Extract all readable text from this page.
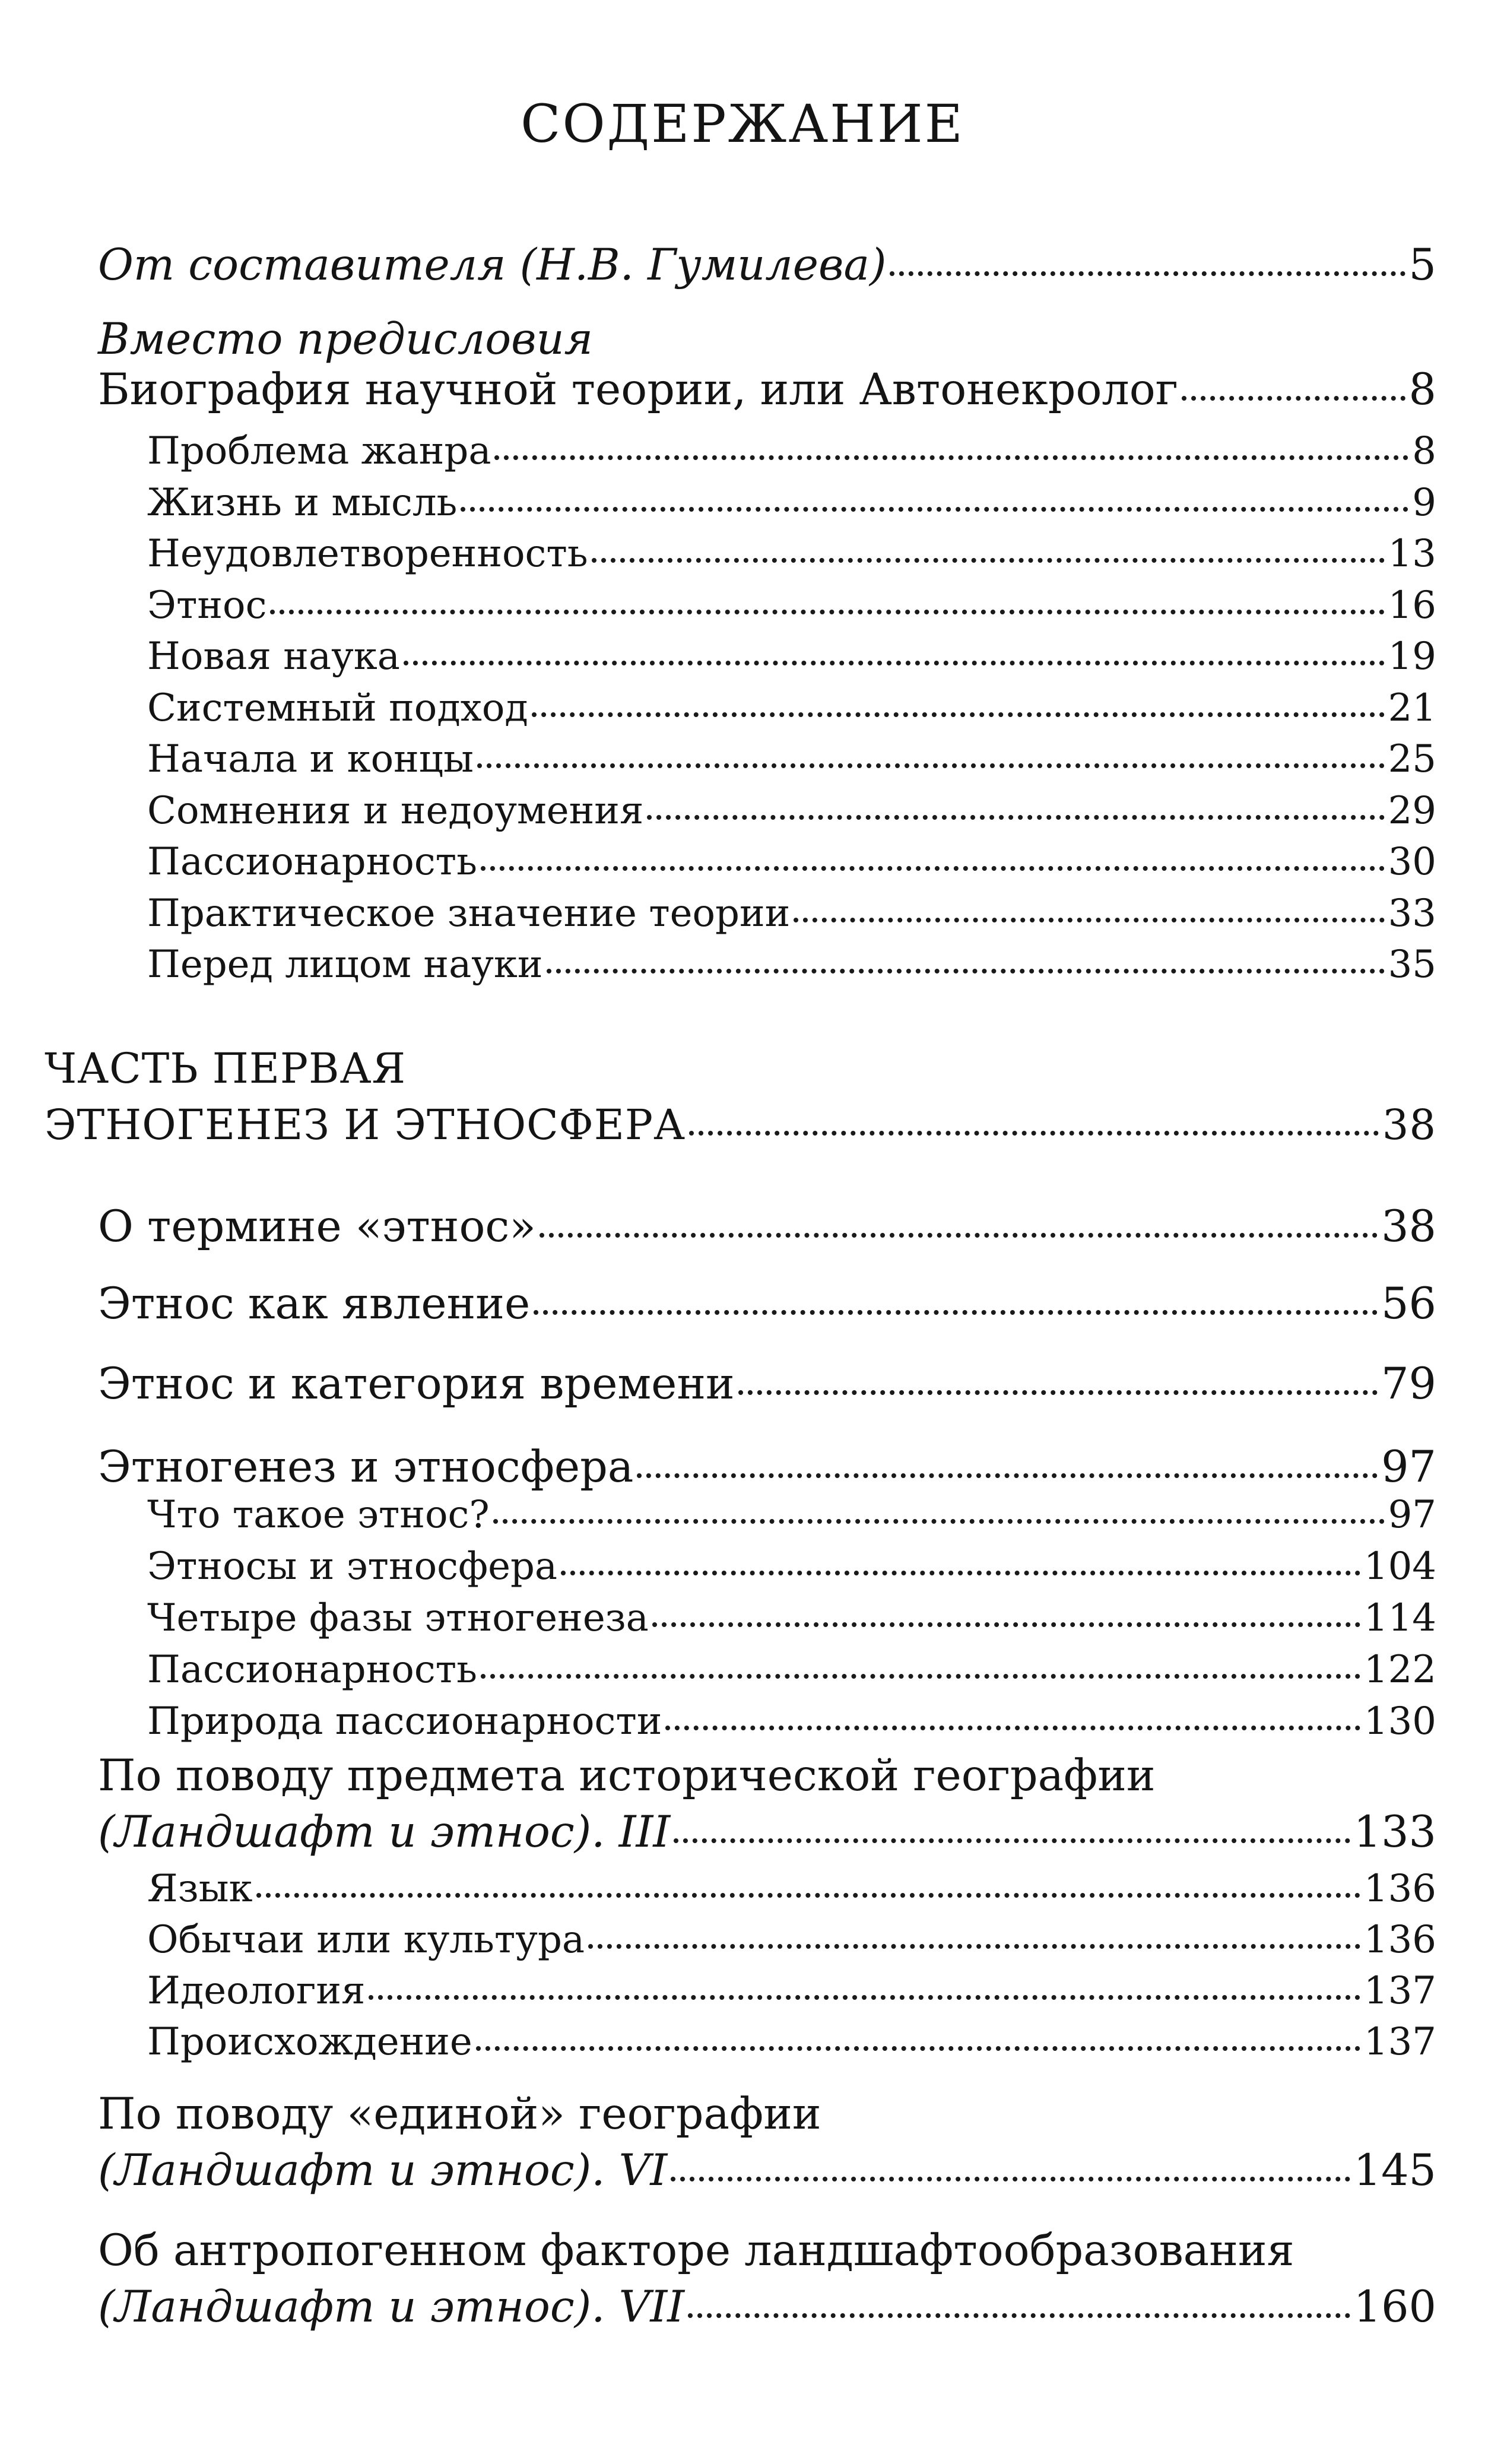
СОДЕРЖАНИЕ
От составителя (Н.В. Гумилева)	5
Вместо предисловия
Биография научной теории, или Автонекролог	8
Проблема жанра	8
Жизнь и мысль	9
Неудовлетворенность	13
Этнос	16
Новая наука	19
Системный подход	21
Начала и концы	25
Сомнения и недоумения	29
Пассионарность	30
Практическое значение теории	33
Перед лицом науки	35
ЧАСТЬ ПЕРВАЯ
ЭТНОГЕНЕЗ И ЭТНОСФЕРА	38
О термине «этнос»	38
Этнос как явление	56
Этнос и категория времени	79
Этногенез и этносфера	97
Что такое этнос?	97
Этносы и этносфера	104
Четыре фазы этногенеза	114
Пассионарность	122
Природа пассионарности	130
По поводу предмета исторической географии
(Ландшафт и этнос). III	133
Язык	136
Обычаи или культура	136
Идеология	137
Происхождение	137
По поводу «единой» географии
(Ландшафт и этнос). VI	145
Об антропогенном факторе ландшафтообразования
(Ландшафт и этнос). VII	160
